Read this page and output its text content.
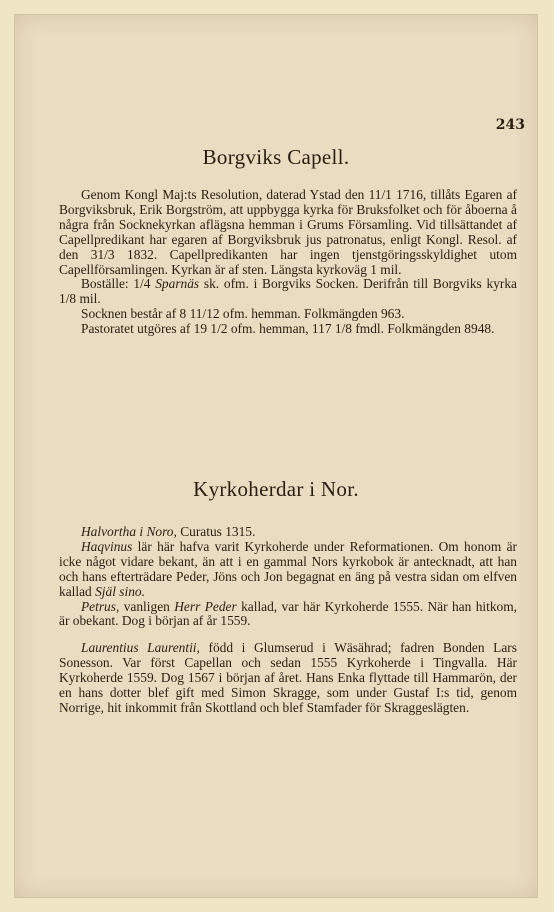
243
Borgviks Capell.

Genom Kongl Maj:ts Resolution, daterad Ystad den 11/1 1716, tillåts Egaren af Borgviksbruk, Erik Borgström, att uppbygga kyrka för Bruksfolket och för åboerna å några från Socknekyrkan aflägsna hemman i Grums Församling. Vid tillsättandet af Capellpredikant har egaren af Borgviksbruk jus patronatus, enligt Kongl. Resol. af den 31/3 1832. Capellpredikanten har ingen tjenstgöringsskyldighet utom Capellförsamlingen. Kyrkan är af sten. Längsta kyrkoväg 1 mil.

Boställe: 1/4 Sparnäs sk. ofm. i Borgviks Socken. Derifrån till Borgviks kyrka 1/8 mil.

Socknen består af 8 11/12 ofm. hemman. Folkmängden 963.

Pastoratet utgöres af 19 1/2 ofm. hemman, 117 1/8 fmdl. Folkmängden 8948.

Kyrkoherdar i Nor.

Halvortha i Noro, Curatus 1315.

Haqvinus lär här hafva varit Kyrkoherde under Reformationen. Om honom är icke något vidare bekant, än att i en gammal Nors kyrkobok är antecknadt, att han och hans efterträdare Peder, Jöns och Jon begagnat en äng på vestra sidan om elfven kallad Själ sino.

Petrus, vanligen Herr Peder kallad, var här Kyrkoherde 1555. När han hitkom, är obekant. Dog i början af år 1559.

Laurentius Laurentii, född i Glumserud i Wäsährad; fadren Bonden Lars Sonesson. Var först Capellan och sedan 1555 Kyrkoherde i Tingvalla. Här Kyrkoherde 1559. Dog 1567 i början af året. Hans Enka flyttade till Hammarön, der en hans dotter blef gift med Simon Skragge, som under Gustaf I:s tid, genom Norrige, hit inkommit från Skottland och blef Stamfader för Skraggeslägten.
